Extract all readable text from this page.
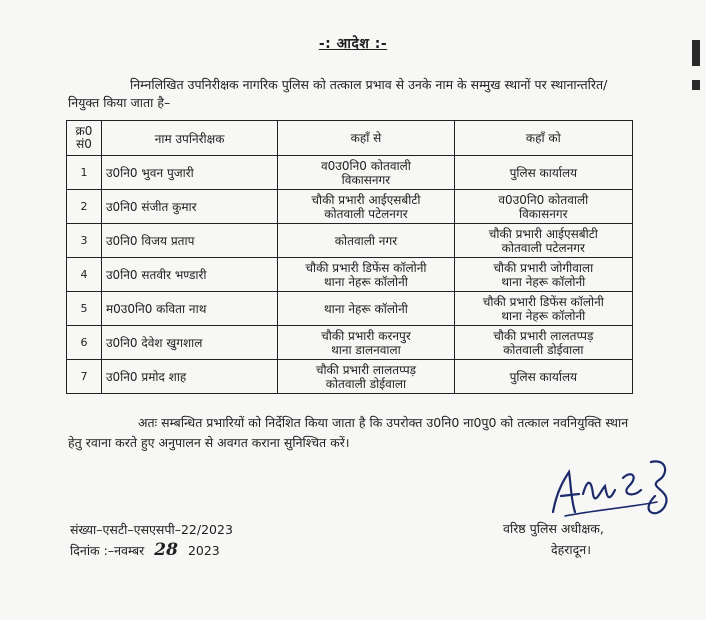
-: आदेश :-
निम्नलिखित उपनिरीक्षक नागरिक पुलिस को तत्काल प्रभाव से उनके नाम के सम्मुख स्थानों पर स्थानान्तरित/नियुक्त किया जाता है–
क्र0 सं0	नाम उपनिरीक्षक	कहाँ से	कहाँ को
1	उ0नि0 भुवन पुजारी	व0उ0नि0 कोतवाली
विकासनगर	पुलिस कार्यालय

2	उ0नि0 संजीत कुमार	चौकी प्रभारी आईएसबीटी
कोतवाली पटेलनगर	व0उ0नि0 कोतवाली
विकासनगर

3	उ0नि0 विजय प्रताप	कोतवाली नगर	चौकी प्रभारी आईएसबीटी
कोतवाली पटेलनगर

4	उ0नि0 सतवीर भण्डारी	चौकी प्रभारी डिफेंस कॉलोनी
थाना नेहरू कॉलोनी	चौकी प्रभारी जोगीवाला
थाना नेहरू कॉलोनी

5	म0उ0नि0 कविता नाथ	थाना नेहरू कॉलोनी	चौकी प्रभारी डिफेंस कॉलोनी
थाना नेहरू कॉलोनी

6	उ0नि0 देवेश खुगशाल	चौकी प्रभारी करनपुर
थाना डालनवाला	चौकी प्रभारी लालतप्पड़
कोतवाली डोईवाला

7	उ0नि0 प्रमोद शाह	चौकी प्रभारी लालतप्पड़
कोतवाली डोईवाला	पुलिस कार्यालय
अतः सम्बन्धित प्रभारियों को निर्देशित किया जाता है कि उपरोक्त उ0नि0 ना0पु0 को तत्काल नवनियुक्ति स्थान हेतु रवाना करते हुए अनुपालन से अवगत कराना सुनिश्चित करें।
संख्या–एसटी–एसएसपी–22/2023
दिनांक :–नवम्बर 28 2023
वरिष्ठ पुलिस अधीक्षक,
देहरादून।
